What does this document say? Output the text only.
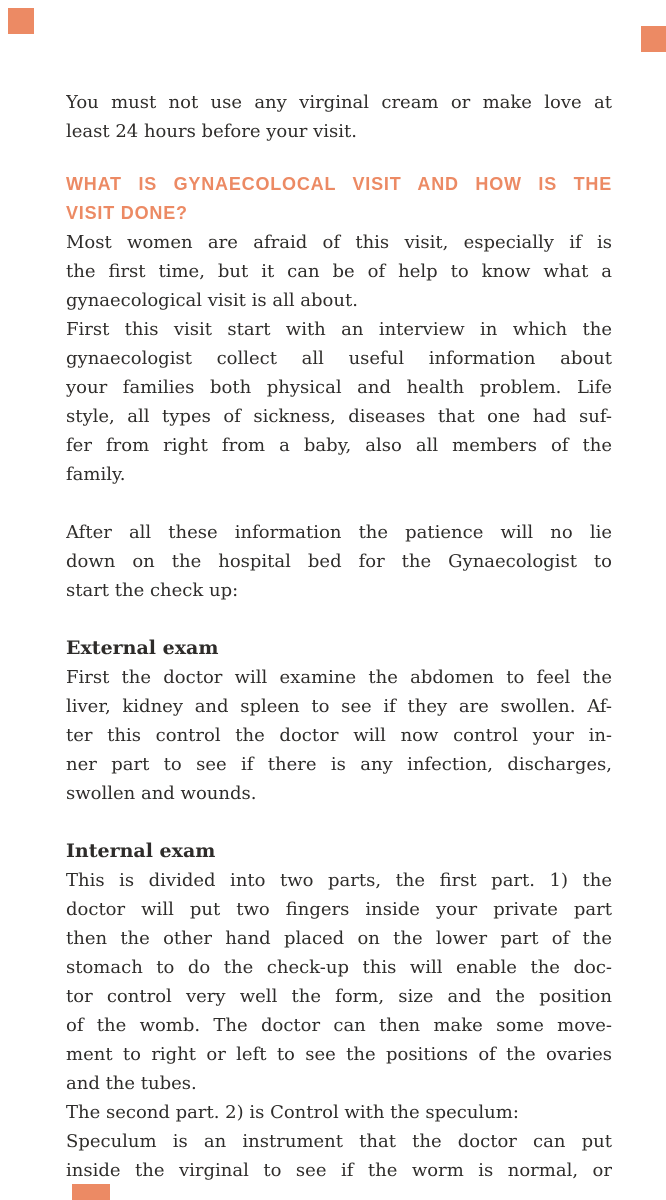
You must not use any virginal cream or make love at
least 24 hours before your visit.
WHAT IS GYNAECOLOCAL VISIT AND HOW IS THE
VISIT DONE?
Most women are afraid of this visit, especially if is
the first time, but it can be of help to know what a
gynaecological visit is all about.
First this visit start with an interview in which the
gynaecologist collect all useful information about
your families both physical and health problem. Life
style, all types of sickness, diseases that one had suf-
fer from right from a baby, also all members of the
family.
After all these information the patience will no lie
down on the hospital bed for the Gynaecologist to
start the check up:
External exam
First the doctor will examine the abdomen to feel the
liver, kidney and spleen to see if they are swollen. Af-
ter this control the doctor will now control your in-
ner part to see if there is any infection, discharges,
swollen and wounds.
Internal exam
This is divided into two parts, the first part. 1) the
doctor will put two fingers inside your private part
then the other hand placed on the lower part of the
stomach to do the check-up this will enable the doc-
tor control very well the form, size and the position
of the womb. The doctor can then make some move-
ment to right or left to see the positions of the ovaries
and the tubes.
The second part. 2) is Control with the speculum:
Speculum is an instrument that the doctor can put
inside the virginal to see if the worm is normal, or
